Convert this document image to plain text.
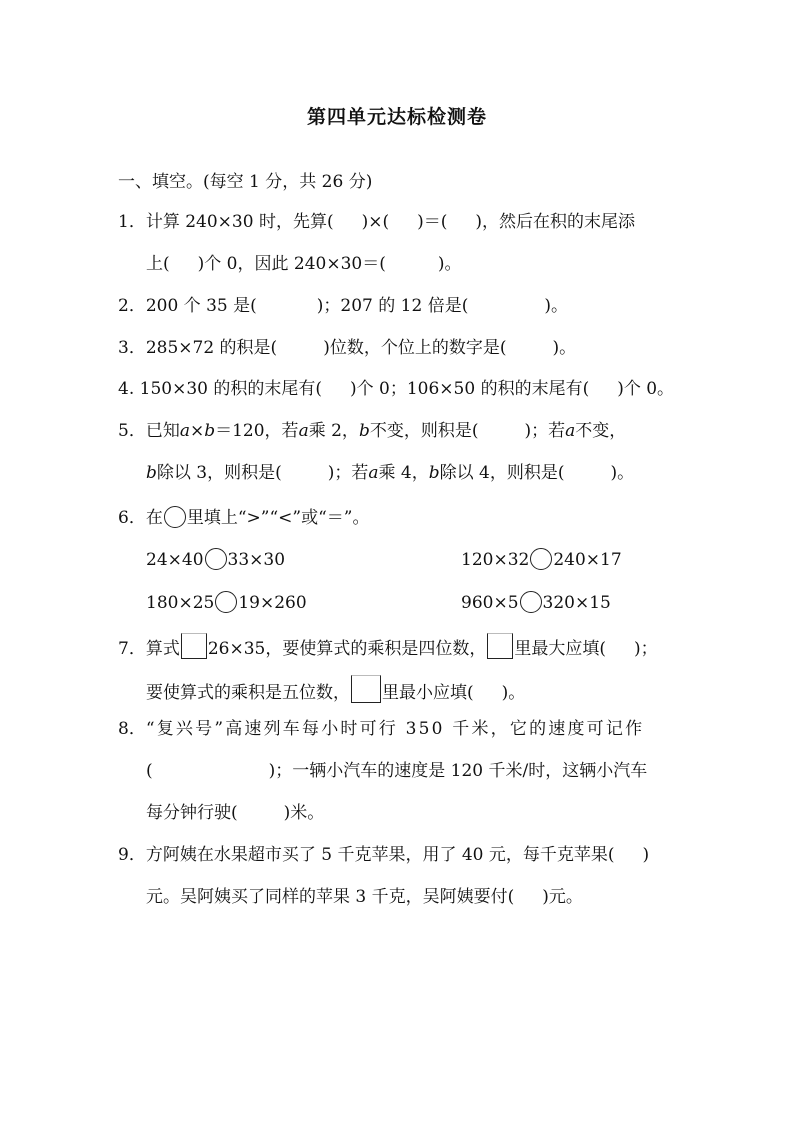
第四单元达标检测卷
一、填空。(每空 1 分，共 26 分)
1．计算 240×30 时，先算( )×( )＝( )，然后在积的末尾添
上( )个 0，因此 240×30＝(	)。
2．200 个 35 是(	)；207 的 12 倍是(	)。
3．285×72 的积是(	)位数，个位上的数字是(	)。
4. 150×30 的积的末尾有( )个 0；106×50 的积的末尾有( )个 0。
5．已知a×b＝120，若a乘 2，b不变，则积是(	)；若a不变，
b除以 3，则积是(	)；若a乘 4，b除以 4，则积是(	)。
6．在 里填上“>”“<”或“＝”。
24×40 33×30	120×32 240×17
180×25 19×260	960×5 320×15
7．算式 26×35，要使算式的乘积是四位数， 里最大应填( )；
要使算式的乘积是五位数， 里最小应填( )。
8．“复兴号”高速列车每小时可行 350 千米，它的速度可记作
(	)；一辆小汽车的速度是 120 千米/时，这辆小汽车
每分钟行驶(	)米。
9．方阿姨在水果超市买了 5 千克苹果，用了 40 元，每千克苹果( )
元。吴阿姨买了同样的苹果 3 千克，吴阿姨要付( )元。
